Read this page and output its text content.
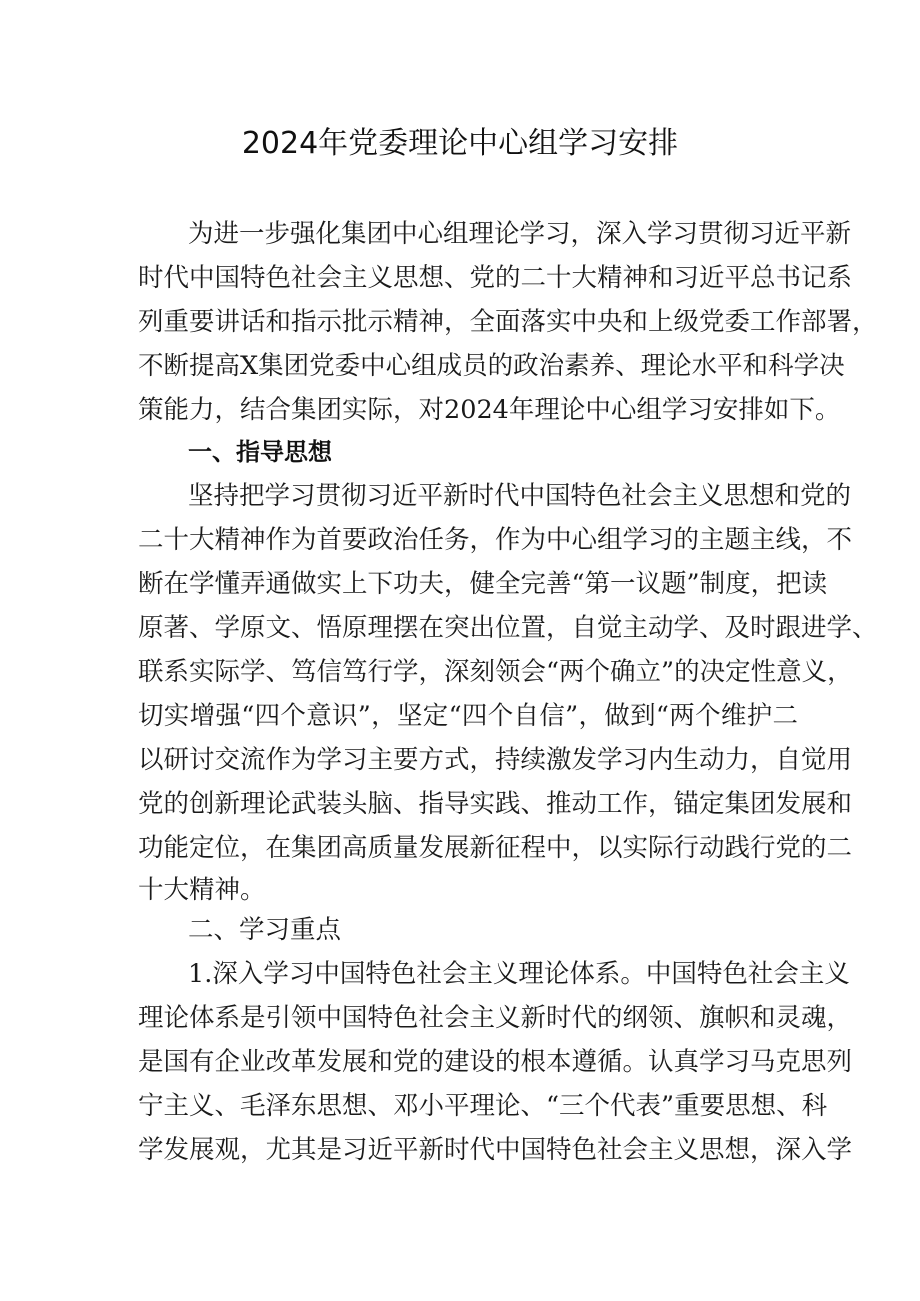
2024年党委理论中心组学习安排
为进一步强化集团中心组理论学习，深入学习贯彻习近平新
时代中国特色社会主义思想、党的二十大精神和习近平总书记系
列重要讲话和指示批示精神，全面落实中央和上级党委工作部署，
不断提高X集团党委中心组成员的政治素养、理论水平和科学决
策能力，结合集团实际，对2024年理论中心组学习安排如下。
一、指导思想
坚持把学习贯彻习近平新时代中国特色社会主义思想和党的
二十大精神作为首要政治任务，作为中心组学习的主题主线，不
断在学懂弄通做实上下功夫，健全完善“第一议题”制度，把读
原著、学原文、悟原理摆在突出位置，自觉主动学、及时跟进学、
联系实际学、笃信笃行学，深刻领会“两个确立”的决定性意义，
切实增强“四个意识”，坚定“四个自信”，做到“两个维护二
以研讨交流作为学习主要方式，持续激发学习内生动力，自觉用
党的创新理论武装头脑、指导实践、推动工作，锚定集团发展和
功能定位，在集团高质量发展新征程中，以实际行动践行党的二
十大精神。
二、学习重点
1.深入学习中国特色社会主义理论体系。中国特色社会主义
理论体系是引领中国特色社会主义新时代的纲领、旗帜和灵魂，
是国有企业改革发展和党的建设的根本遵循。认真学习马克思列
宁主义、毛泽东思想、邓小平理论、“三个代表”重要思想、科
学发展观，尤其是习近平新时代中国特色社会主义思想，深入学
